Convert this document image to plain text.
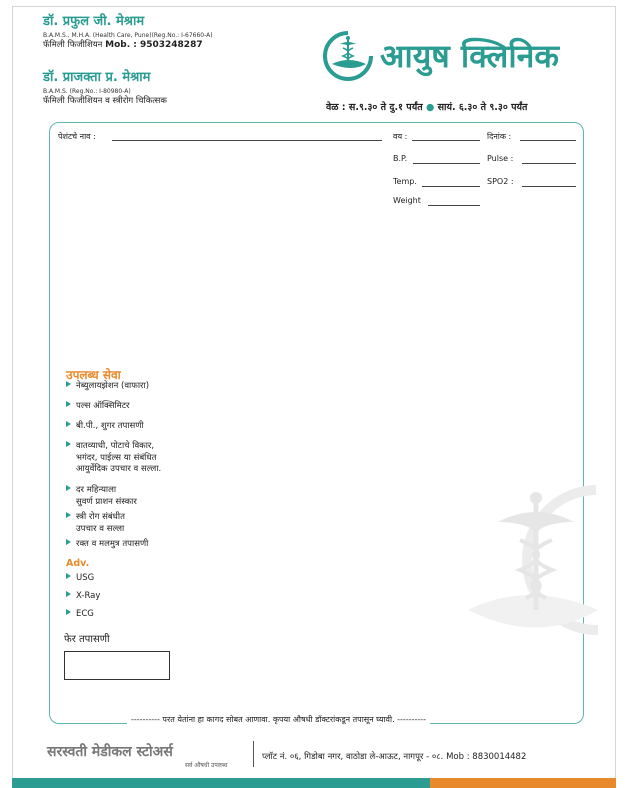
डॉ. प्रफुल जी. मेश्राम
B.A.M.S., M.H.A. (Health Care, Pune)(Reg.No.: I-67660-A)
फॅमिली फिजीशियन Mob. : 9503248287
डॉ. प्राजक्ता प्र. मेश्राम
B.A.M.S. (Reg.No.: I-80980-A)
फॅमिली फिजीशियन व स्त्रीरोग चिकित्सक
आयुष क्लिनिक
वेळ : स.९.३० ते दु.१ पर्यंत ● सायं. ६.३० ते ९.३० पर्यंत
पेशंटचे नाव :	वय :	दिनांक :
B.P.	Pulse :
Temp.	SPO2 :
Weight
उपलब्ध सेवा
नेब्युलायझेशन (वाफारा)
पल्स ऑक्सिमिटर
बी.पी., शुगर तपासणी
वातव्याधी, पोटाचे विकार,
भगंदर, पाईल्स या संबंधित
आयुर्वेदिक उपचार व सल्ला.
दर महिन्याला
सुवर्ण प्राशन संस्कार
स्त्री रोग संबंधीत
उपचार व सल्ला
रक्त व मलमुत्र तपासणी
Adv.
USG
X-Ray
ECG
फेर तपासणी
---------- परत येतांना हा कागद सोबत आणावा. कृपया औषधी डॉक्टरांकडून तपासून घ्यावी. ----------
सरस्वती मेडीकल स्टोअर्स
सर्व औषधी उपलब्ध
प्लॉट नं. ०६, गिडोबा नगर, वाठोडा ले-आऊट, नागपूर - ०८. Mob : 8830014482
